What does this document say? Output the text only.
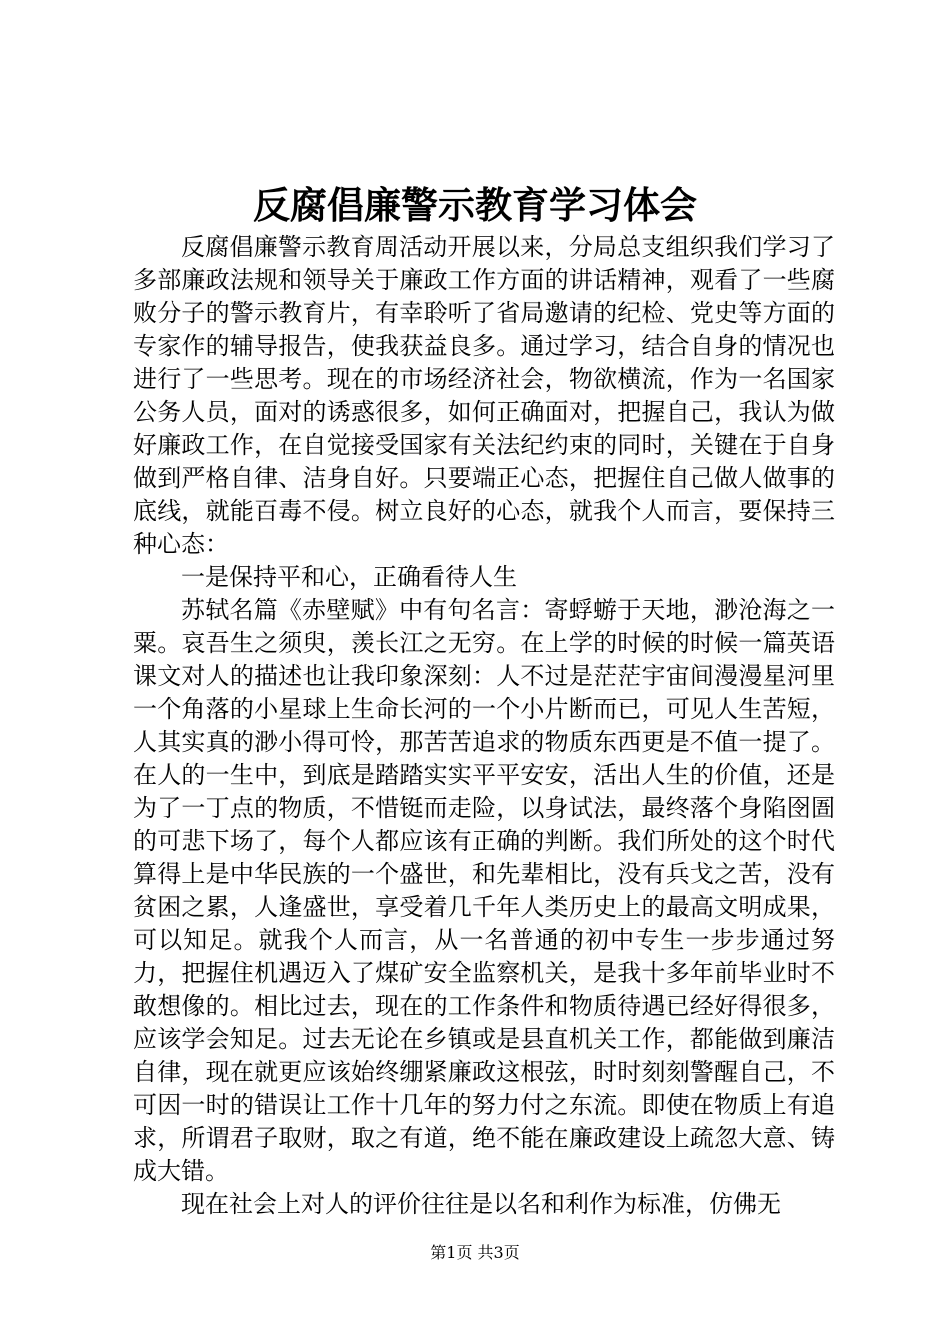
反腐倡廉警示教育学习体会

反腐倡廉警示教育周活动开展以来，分局总支组织我们学习了多部廉政法规和领导关于廉政工作方面的讲话精神，观看了一些腐败分子的警示教育片，有幸聆听了省局邀请的纪检、党史等方面的专家作的辅导报告，使我获益良多。通过学习，结合自身的情况也进行了一些思考。现在的市场经济社会，物欲横流，作为一名国家公务人员，面对的诱惑很多，如何正确面对，把握自己，我认为做好廉政工作，在自觉接受国家有关法纪约束的同时，关键在于自身做到严格自律、洁身自好。只要端正心态，把握住自己做人做事的底线，就能百毒不侵。树立良好的心态，就我个人而言，要保持三种心态：

一是保持平和心，正确看待人生

苏轼名篇《赤壁赋》中有句名言：寄蜉蝣于天地，渺沧海之一粟。哀吾生之须臾，羡长江之无穷。在上学的时候的时候一篇英语课文对人的描述也让我印象深刻：人不过是茫茫宇宙间漫漫星河里一个角落的小星球上生命长河的一个小片断而已，可见人生苦短，人其实真的渺小得可怜，那苦苦追求的物质东西更是不值一提了。在人的一生中，到底是踏踏实实平平安安，活出人生的价值，还是为了一丁点的物质，不惜铤而走险，以身试法，最终落个身陷囹圄的可悲下场了，每个人都应该有正确的判断。我们所处的这个时代算得上是中华民族的一个盛世，和先辈相比，没有兵戈之苦，没有贫困之累，人逢盛世，享受着几千年人类历史上的最高文明成果，可以知足。就我个人而言，从一名普通的初中专生一步步通过努力，把握住机遇迈入了煤矿安全监察机关，是我十多年前毕业时不敢想像的。相比过去，现在的工作条件和物质待遇已经好得很多，应该学会知足。过去无论在乡镇或是县直机关工作，都能做到廉洁自律，现在就更应该始终绷紧廉政这根弦，时时刻刻警醒自己，不可因一时的错误让工作十几年的努力付之东流。即使在物质上有追求，所谓君子取财，取之有道，绝不能在廉政建设上疏忽大意、铸成大错。

现在社会上对人的评价往往是以名和利作为标准，仿佛无

第1页 共3页
